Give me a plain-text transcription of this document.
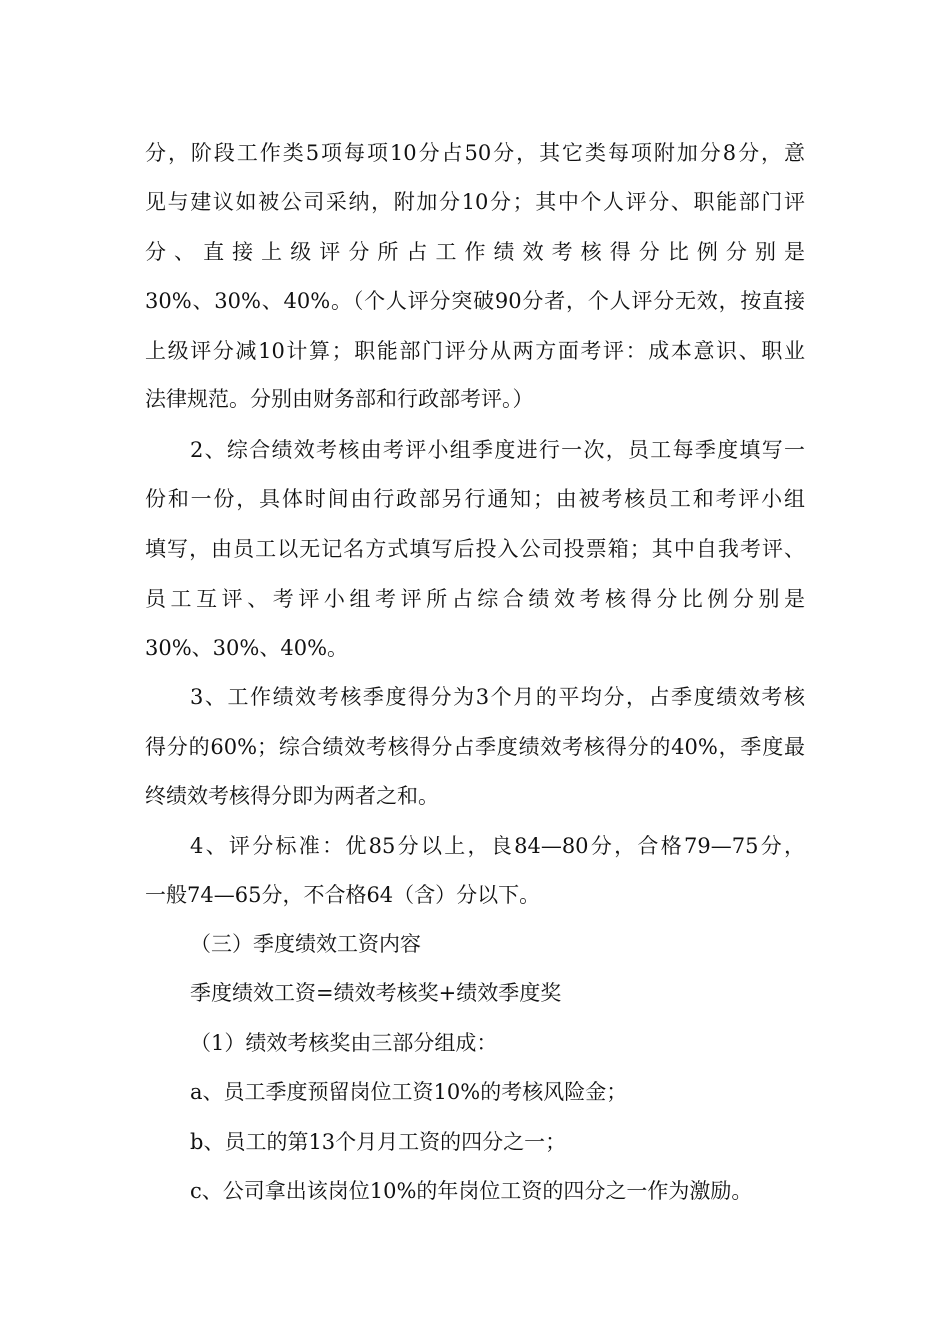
分，阶段工作类5项每项10分占50分，其它类每项附加分8分，意
见与建议如被公司采纳，附加分10分；其中个人评分、职能部门评
分、直接上级评分所占工作绩效考核得分比例分别是
30%、30%、40%。（个人评分突破90分者，个人评分无效，按直接
上级评分减10计算；职能部门评分从两方面考评：成本意识、职业
法律规范。分别由财务部和行政部考评。）
2、综合绩效考核由考评小组季度进行一次，员工每季度填写一
份和一份，具体时间由行政部另行通知；由被考核员工和考评小组
填写，由员工以无记名方式填写后投入公司投票箱；其中自我考评、
员工互评、考评小组考评所占综合绩效考核得分比例分别是
30%、30%、40%。
3、工作绩效考核季度得分为3个月的平均分，占季度绩效考核
得分的60%；综合绩效考核得分占季度绩效考核得分的40%，季度最
终绩效考核得分即为两者之和。
4、评分标准：优85分以上，良84—80分，合格79—75分，
一般74—65分，不合格64（含）分以下。
（三）季度绩效工资内容
季度绩效工资=绩效考核奖+绩效季度奖
（1）绩效考核奖由三部分组成：
a、员工季度预留岗位工资10%的考核风险金；
b、员工的第13个月月工资的四分之一；
c、公司拿出该岗位10%的年岗位工资的四分之一作为激励。
